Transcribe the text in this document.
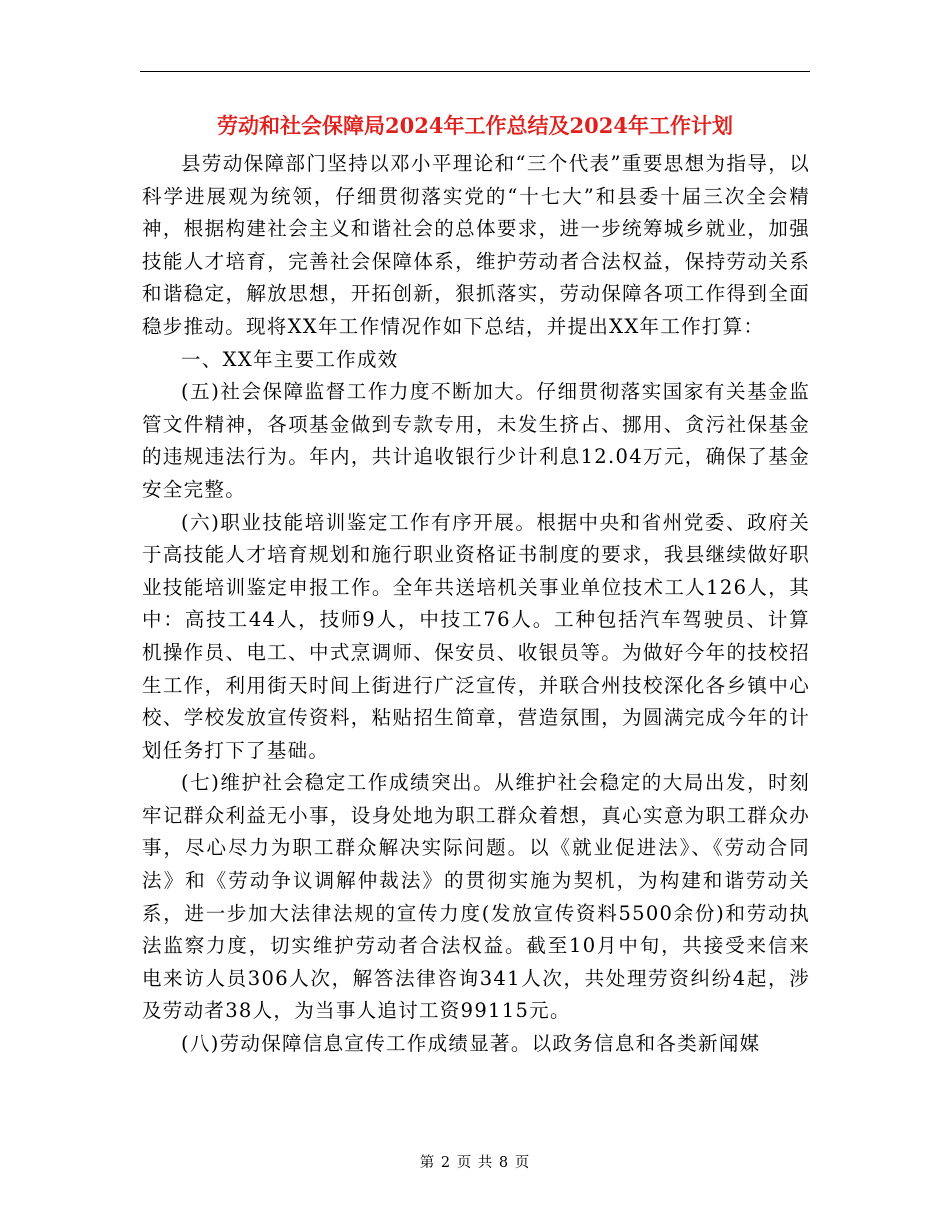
劳动和社会保障局2024年工作总结及2024年工作计划

县劳动保障部门坚持以邓小平理论和“三个代表”重要思想为指导，以科学进展观为统领，仔细贯彻落实党的“十七大”和县委十届三次全会精神，根据构建社会主义和谐社会的总体要求，进一步统筹城乡就业，加强技能人才培育，完善社会保障体系，维护劳动者合法权益，保持劳动关系和谐稳定，解放思想，开拓创新，狠抓落实，劳动保障各项工作得到全面稳步推动。现将XX年工作情况作如下总结，并提出XX年工作打算：

一、XX年主要工作成效

(五)社会保障监督工作力度不断加大。仔细贯彻落实国家有关基金监管文件精神，各项基金做到专款专用，未发生挤占、挪用、贪污社保基金的违规违法行为。年内，共计追收银行少计利息12.04万元，确保了基金安全完整。

(六)职业技能培训鉴定工作有序开展。根据中央和省州党委、政府关于高技能人才培育规划和施行职业资格证书制度的要求，我县继续做好职业技能培训鉴定申报工作。全年共送培机关事业单位技术工人126人，其中：高技工44人，技师9人，中技工76人。工种包括汽车驾驶员、计算机操作员、电工、中式烹调师、保安员、收银员等。为做好今年的技校招生工作，利用街天时间上街进行广泛宣传，并联合州技校深化各乡镇中心校、学校发放宣传资料，粘贴招生简章，营造氛围，为圆满完成今年的计划任务打下了基础。

(七)维护社会稳定工作成绩突出。从维护社会稳定的大局出发，时刻牢记群众利益无小事，设身处地为职工群众着想，真心实意为职工群众办事，尽心尽力为职工群众解决实际问题。以《就业促进法》、《劳动合同法》和《劳动争议调解仲裁法》的贯彻实施为契机，为构建和谐劳动关系，进一步加大法律法规的宣传力度(发放宣传资料5500余份)和劳动执法监察力度，切实维护劳动者合法权益。截至10月中旬，共接受来信来电来访人员306人次，解答法律咨询341人次，共处理劳资纠纷4起，涉及劳动者38人，为当事人追讨工资99115元。

(八)劳动保障信息宣传工作成绩显著。以政务信息和各类新闻媒

第 2 页 共 8 页
